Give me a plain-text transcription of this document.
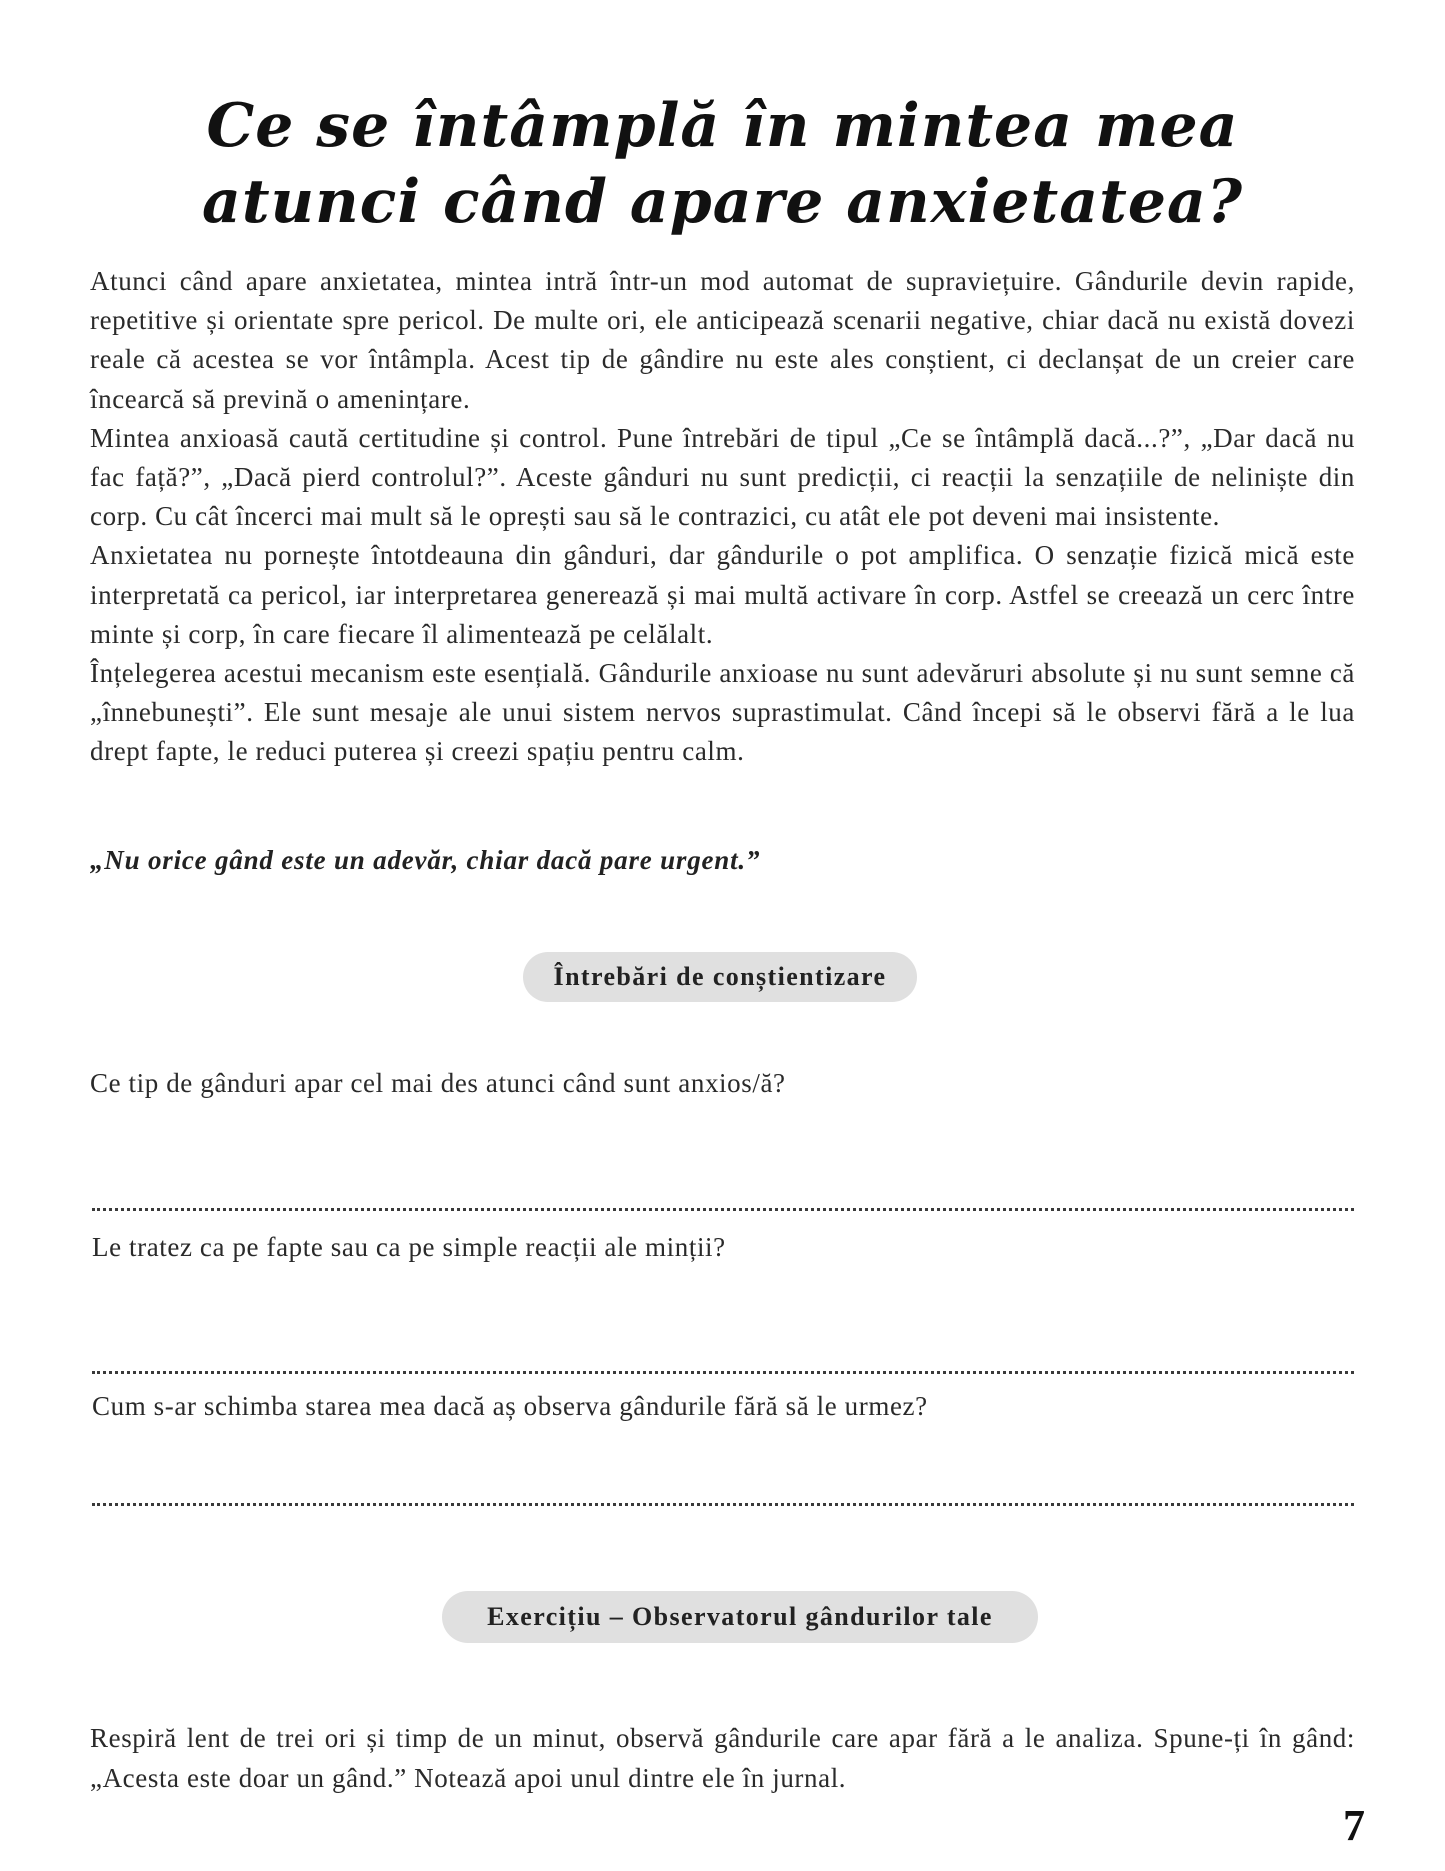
Ce se întâmplă în mintea mea atunci când apare anxietatea?

Atunci când apare anxietatea, mintea intră într-un mod automat de supraviețuire. Gândurile devin rapide, repetitive și orientate spre pericol. De multe ori, ele anticipează scenarii negative, chiar dacă nu există dovezi reale că acestea se vor întâmpla. Acest tip de gândire nu este ales conștient, ci declanșat de un creier care încearcă să prevină o amenințare.

Mintea anxioasă caută certitudine și control. Pune întrebări de tipul „Ce se întâmplă dacă...?”, „Dar dacă nu fac față?”, „Dacă pierd controlul?”. Aceste gânduri nu sunt predicții, ci reacții la senzațiile de neliniște din corp. Cu cât încerci mai mult să le oprești sau să le contrazici, cu atât ele pot deveni mai insistente.

Anxietatea nu pornește întotdeauna din gânduri, dar gândurile o pot amplifica. O senzație fizică mică este interpretată ca pericol, iar interpretarea generează și mai multă activare în corp. Astfel se creează un cerc între minte și corp, în care fiecare îl alimentează pe celălalt.

Înțelegerea acestui mecanism este esențială. Gândurile anxioase nu sunt adevăruri absolute și nu sunt semne că „înnebunești”. Ele sunt mesaje ale unui sistem nervos suprastimulat. Când începi să le observi fără a le lua drept fapte, le reduci puterea și creezi spațiu pentru calm.

„Nu orice gând este un adevăr, chiar dacă pare urgent.”
Întrebări de conștientizare
Ce tip de gânduri apar cel mai des atunci când sunt anxios/ă?
Le tratez ca pe fapte sau ca pe simple reacții ale minții?
Cum s-ar schimba starea mea dacă aș observa gândurile fără să le urmez?
Exercițiu – Observatorul gândurilor tale
Respiră lent de trei ori și timp de un minut, observă gândurile care apar fără a le analiza. Spune-ți în gând: „Acesta este doar un gând.” Notează apoi unul dintre ele în jurnal.
7
